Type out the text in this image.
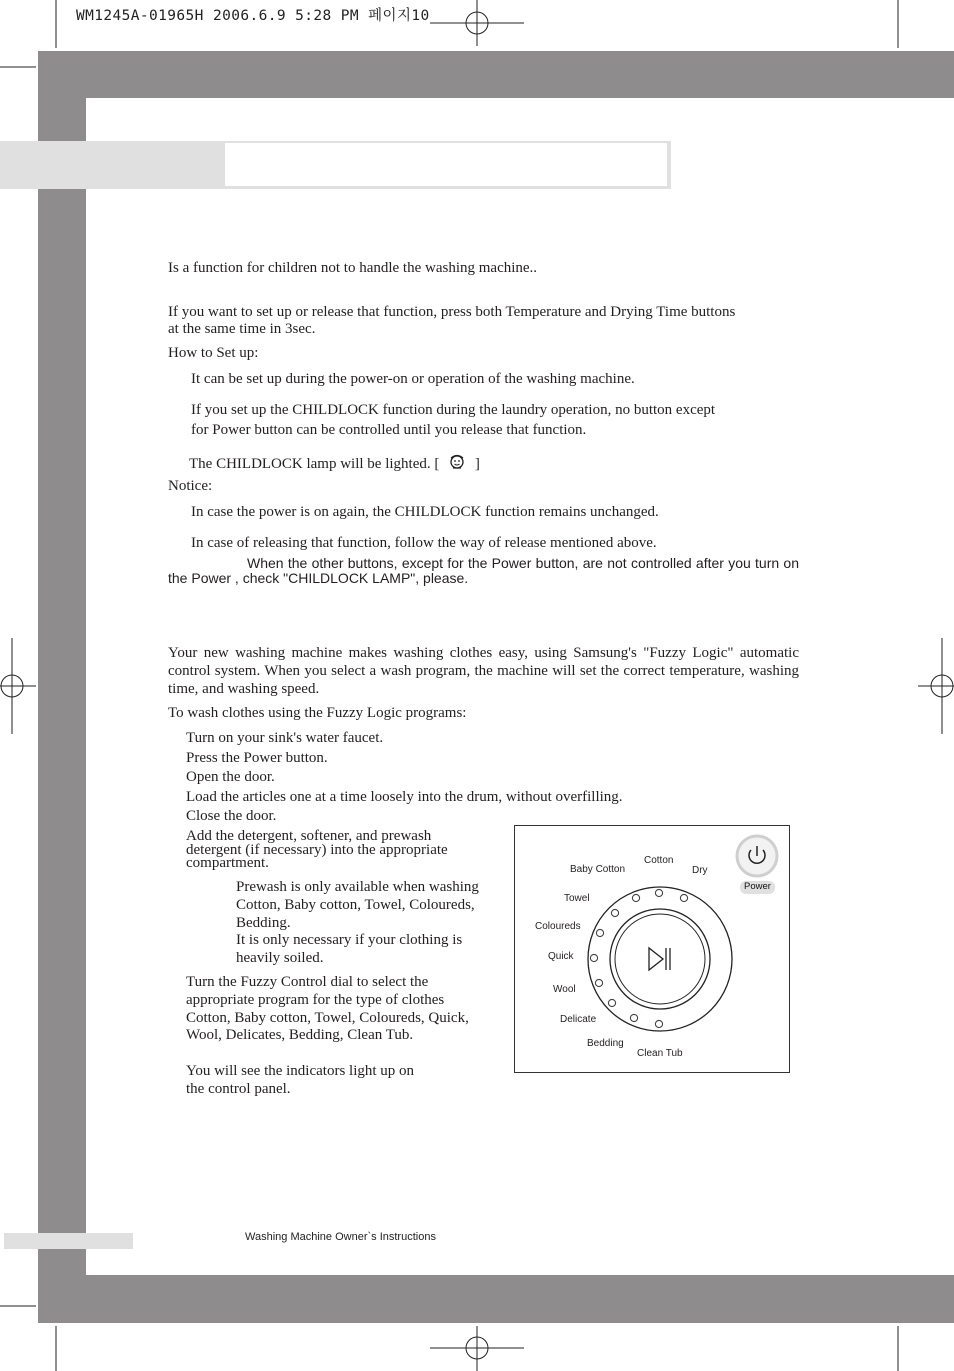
WM1245A-01965H 2006.6.9 5:28 PM 페이지10
Is a function for children not to handle the washing machine..
If you want to set up or release that function, press both Temperature and Drying Time buttons
at the same time in 3sec.
How to Set up:
It can be set up during the power-on or operation of the washing machine.
If you set up the CHILDLOCK function during the laundry operation, no button except
for Power button can be controlled until you release that function.
The CHILDLOCK lamp will be lighted. [ ]
Notice:
In case the power is on again, the CHILDLOCK function remains unchanged.
In case of releasing that function, follow the way of release mentioned above.
When the other buttons, except for the Power button, are not controlled after you turn on the Power , check "CHILDLOCK LAMP", please.
Your new washing machine makes washing clothes easy, using Samsung's "Fuzzy Logic" automatic control system. When you select a wash program, the machine will set the correct temperature, washing time, and washing speed.
To wash clothes using the Fuzzy Logic programs:
Turn on your sink's water faucet.
Press the Power button.
Open the door.
Load the articles one at a time loosely into the drum, without overfilling.
Close the door.
Add the detergent, softener, and prewash
detergent (if necessary) into the appropriate
compartment.
Prewash is only available when washing
Cotton, Baby cotton, Towel, Coloureds,
Bedding.
It is only necessary if your clothing is
heavily soiled.
Turn the Fuzzy Control dial to select the
appropriate program for the type of clothes
Cotton, Baby cotton, Towel, Coloureds, Quick,
Wool, Delicates, Bedding, Clean Tub.
You will see the indicators light up on
the control panel.
Power
Cotton
Baby Cotton	Dry
Towel
Coloureds
Quick
Wool
Delicate
Bedding
Clean Tub
Washing Machine Owner`s Instructions
